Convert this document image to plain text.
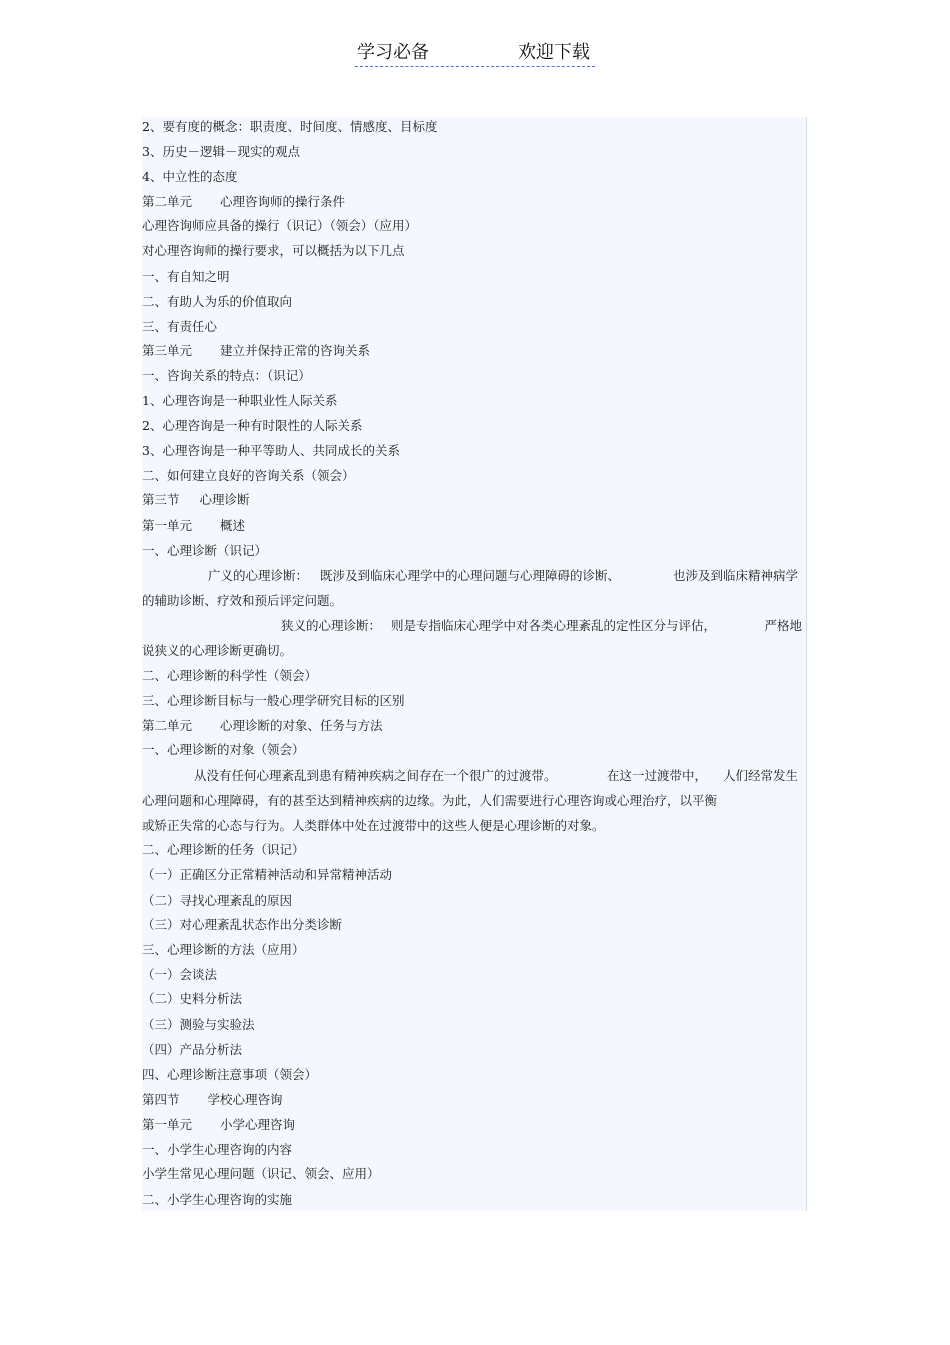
学习必备	欢迎下载
2、要有度的概念：职责度、时间度、情感度、目标度
3、历史－逻辑－现实的观点
4、中立性的态度
第二单元 心理咨询师的操行条件
心理咨询师应具备的操行（识记）（领会）（应用）
对心理咨询师的操行要求，可以概括为以下几点
一、有自知之明
二、有助人为乐的价值取向
三、有责任心
第三单元 建立并保持正常的咨询关系
一、咨询关系的特点：（识记）
1、心理咨询是一种职业性人际关系
2、心理咨询是一种有时限性的人际关系
3、心理咨询是一种平等助人、共同成长的关系
二、如何建立良好的咨询关系（领会）
第三节 心理诊断
第一单元 概述
一、心理诊断（识记）
广义的心理诊断： 既涉及到临床心理学中的心理问题与心理障碍的诊断、	也涉及到临床精神病学
的辅助诊断、疗效和预后评定问题。
狭义的心理诊断： 则是专指临床心理学中对各类心理紊乱的定性区分与评估，	严格地
说狭义的心理诊断更确切。
二、心理诊断的科学性（领会）
三、心理诊断目标与一般心理学研究目标的区别
第二单元 心理诊断的对象、任务与方法
一、心理诊断的对象（领会）
从没有任何心理紊乱到患有精神疾病之间存在一个很广的过渡带。	在这一过渡带中， 人们经常发生
心理问题和心理障碍，有的甚至达到精神疾病的边缘。为此，人们需要进行心理咨询或心理治疗，以平衡
或矫正失常的心态与行为。人类群体中处在过渡带中的这些人便是心理诊断的对象。
二、心理诊断的任务（识记）
（一）正确区分正常精神活动和异常精神活动
（二）寻找心理紊乱的原因
（三）对心理紊乱状态作出分类诊断
三、心理诊断的方法（应用）
（一）会谈法
（二）史料分析法
（三）测验与实验法
（四）产品分析法
四、心理诊断注意事项（领会）
第四节 学校心理咨询
第一单元 小学心理咨询
一、小学生心理咨询的内容
小学生常见心理问题（识记、领会、应用）
二、小学生心理咨询的实施
